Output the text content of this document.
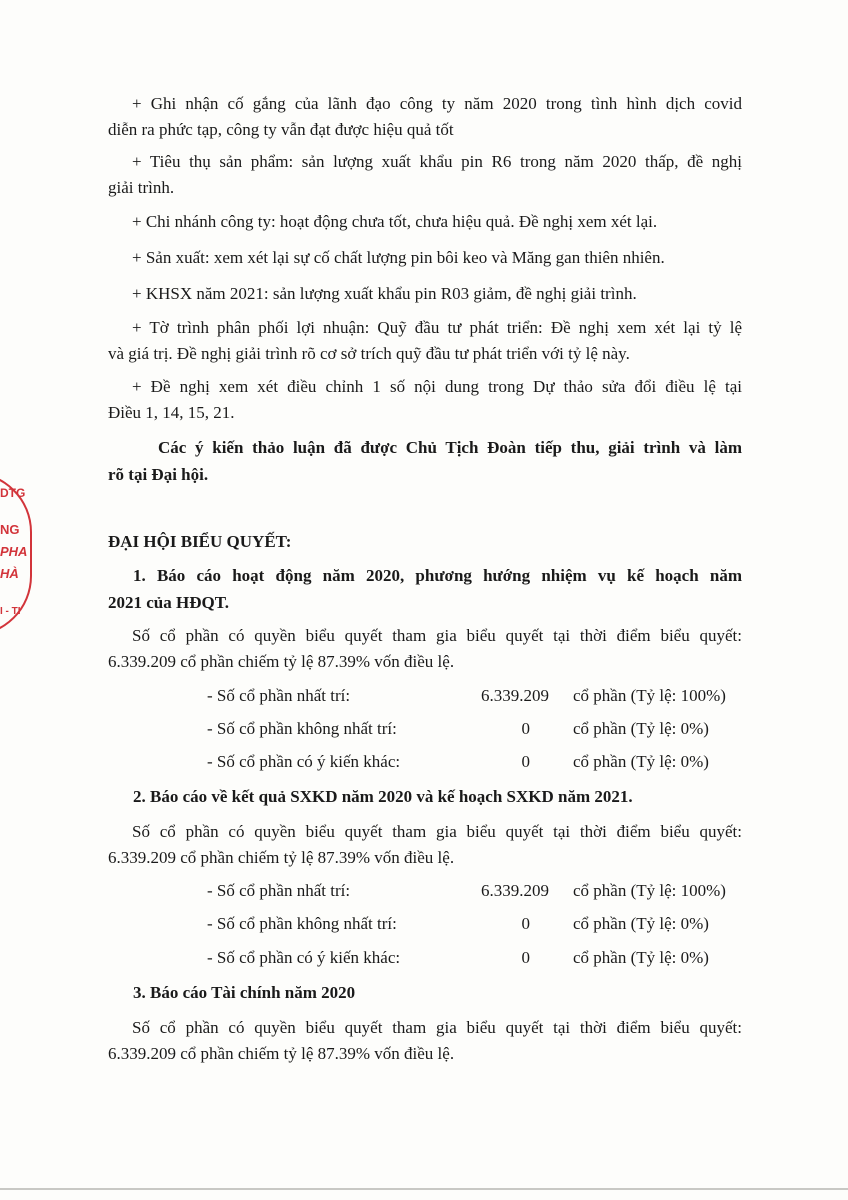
+ Ghi nhận cố gắng của lãnh đạo công ty năm 2020 trong tình hình dịch covid
diễn ra phức tạp, công ty vẫn đạt được hiệu quả tốt
+ Tiêu thụ sản phẩm: sản lượng xuất khẩu pin R6 trong năm 2020 thấp, đề nghị
giải trình.
+ Chi nhánh công ty: hoạt động chưa tốt, chưa hiệu quả. Đề nghị xem xét lại.
+ Sản xuất: xem xét lại sự cố chất lượng pin bôi keo và Măng gan thiên nhiên.
+ KHSX năm 2021: sản lượng xuất khẩu pin R03 giảm, đề nghị giải trình.
+ Tờ trình phân phối lợi nhuận: Quỹ đầu tư phát triển: Đề nghị xem xét lại tỷ lệ
và giá trị. Đề nghị giải trình rõ cơ sở trích quỹ đầu tư phát triển với tỷ lệ này.
+ Đề nghị xem xét điều chỉnh 1 số nội dung trong Dự thảo sửa đổi điều lệ tại
Điều 1, 14, 15, 21.
Các ý kiến thảo luận đã được Chủ Tịch Đoàn tiếp thu, giải trình và làm
rõ tại Đại hội.
ĐẠI HỘI BIỂU QUYẾT:
1. Báo cáo hoạt động năm 2020, phương hướng nhiệm vụ kế hoạch năm
2021 của HĐQT.
Số cổ phần có quyền biểu quyết tham gia biểu quyết tại thời điểm biểu quyết:
6.339.209 cổ phần chiếm tỷ lệ 87.39% vốn điều lệ.
- Số cổ phần nhất trí:	6.339.209 cổ phần (Tỷ lệ: 100%)
- Số cổ phần không nhất trí:	0	cổ phần (Tỷ lệ: 0%)
- Số cổ phần có ý kiến khác:	0	cổ phần (Tỷ lệ: 0%)
2. Báo cáo về kết quả SXKD năm 2020 và kế hoạch SXKD năm 2021.
Số cổ phần có quyền biểu quyết tham gia biểu quyết tại thời điểm biểu quyết:
6.339.209 cổ phần chiếm tỷ lệ 87.39% vốn điều lệ.
- Số cổ phần nhất trí:	6.339.209 cổ phần (Tỷ lệ: 100%)
- Số cổ phần không nhất trí:	0	cổ phần (Tỷ lệ: 0%)
- Số cổ phần có ý kiến khác:	0	cổ phần (Tỷ lệ: 0%)
3. Báo cáo Tài chính năm 2020
Số cổ phần có quyền biểu quyết tham gia biểu quyết tại thời điểm biểu quyết:
6.339.209 cổ phần chiếm tỷ lệ 87.39% vốn điều lệ.
DTG
NG
PHA
HÀ
I - TI
